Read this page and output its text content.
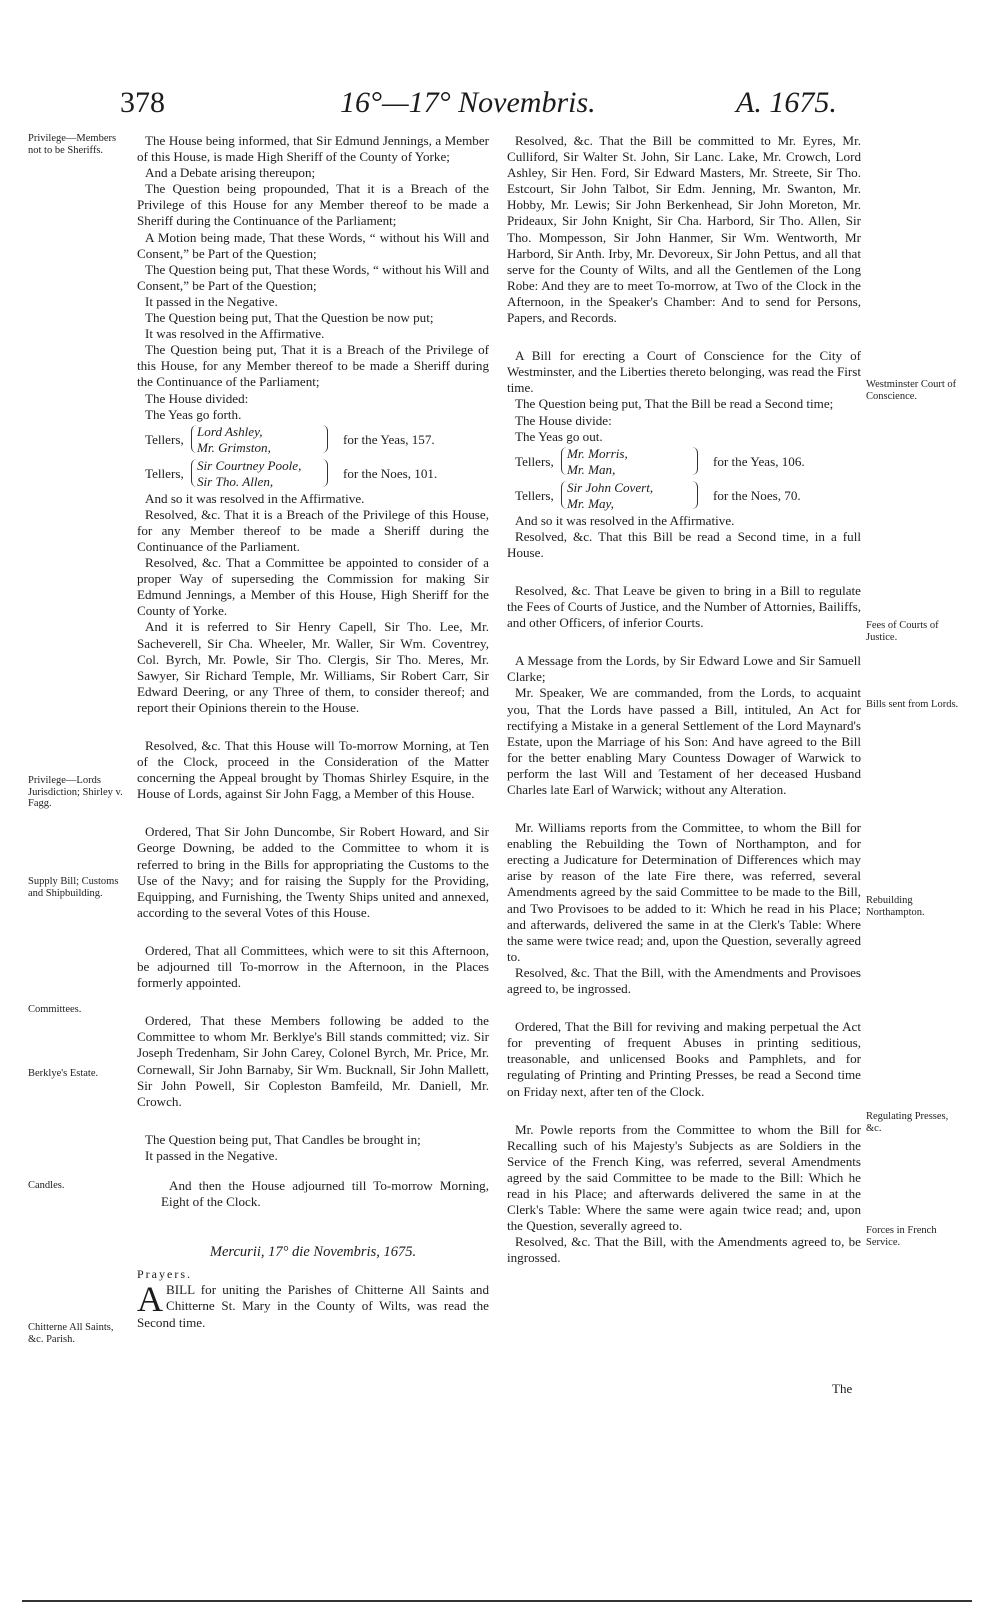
378	16°—17° Novembris.	A. 1675.
Privilege—Members not to be Sheriffs.
Privilege—Lords Jurisdiction; Shirley v. Fagg.
Supply Bill; Customs and Shipbuilding.
Committees.
Berklye's Estate.
Candles.
Chitterne All Saints, &c. Parish.
Westminster Court of Conscience.
Fees of Courts of Justice.
Bills sent from Lords.
Rebuilding Northampton.
Regulating Presses, &c.
Forces in French Service.

The House being informed, that Sir Edmund Jennings, a Member of this House, is made High Sheriff of the County of Yorke;

And a Debate arising thereupon;

The Question being propounded, That it is a Breach of the Privilege of this House for any Member thereof to be made a Sheriff during the Continuance of the Parliament;

A Motion being made, That these Words, “ without his Will and Consent,” be Part of the Question;

The Question being put, That these Words, “ without his Will and Consent,” be Part of the Question;

It passed in the Negative.

The Question being put, That the Question be now put;

It was resolved in the Affirmative.

The Question being put, That it is a Breach of the Privilege of this House, for any Member thereof to be made a Sheriff during the Continuance of the Parliament;

The House divided:

The Yeas go forth.

Tellers,
Lord Ashley,
Mr. Grimston,
for the Yeas, 157.
Tellers,
Sir Courtney Poole,
Sir Tho. Allen,
for the Noes, 101.

And so it was resolved in the Affirmative.

Resolved, &c. That it is a Breach of the Privilege of this House, for any Member thereof to be made a Sheriff during the Continuance of the Parliament.

Resolved, &c. That a Committee be appointed to consider of a proper Way of superseding the Commission for making Sir Edmund Jennings, a Member of this House, High Sheriff for the County of Yorke.

And it is referred to Sir Henry Capell, Sir Tho. Lee, Mr. Sacheverell, Sir Cha. Wheeler, Mr. Waller, Sir Wm. Coventrey, Col. Byrch, Mr. Powle, Sir Tho. Clergis, Sir Tho. Meres, Mr. Sawyer, Sir Richard Temple, Mr. Williams, Sir Robert Carr, Sir Edward Deering, or any Three of them, to consider thereof; and report their Opinions therein to the House.

Resolved, &c. That this House will To-morrow Morning, at Ten of the Clock, proceed in the Consideration of the Matter concerning the Appeal brought by Thomas Shirley Esquire, in the House of Lords, against Sir John Fagg, a Member of this House.

Ordered, That Sir John Duncombe, Sir Robert Howard, and Sir George Downing, be added to the Committee to whom it is referred to bring in the Bills for appropriating the Customs to the Use of the Navy; and for raising the Supply for the Providing, Equipping, and Furnishing, the Twenty Ships united and annexed, according to the several Votes of this House.

Ordered, That all Committees, which were to sit this Afternoon, be adjourned till To-morrow in the Afternoon, in the Places formerly appointed.

Ordered, That these Members following be added to the Committee to whom Mr. Berklye's Bill stands committed; viz. Sir Joseph Tredenham, Sir John Carey, Colonel Byrch, Mr. Price, Mr. Cornewall, Sir John Barnaby, Sir Wm. Bucknall, Sir John Mallett, Sir John Powell, Sir Copleston Bamfeild, Mr. Daniell, Mr. Crowch.

The Question being put, That Candles be brought in;

It passed in the Negative.

And then the House adjourned till To-morrow Morning, Eight of the Clock.

Mercurii, 17° die Novembris, 1675.

Prayers.

ABILL for uniting the Parishes of Chitterne All Saints and Chitterne St. Mary in the County of Wilts, was read the Second time.

Resolved, &c. That the Bill be committed to Mr. Eyres, Mr. Culliford, Sir Walter St. John, Sir Lanc. Lake, Mr. Crowch, Lord Ashley, Sir Hen. Ford, Sir Edward Masters, Mr. Streete, Sir Tho. Estcourt, Sir John Talbot, Sir Edm. Jenning, Mr. Swanton, Mr. Hobby, Mr. Lewis; Sir John Berkenhead, Sir John Moreton, Mr. Prideaux, Sir John Knight, Sir Cha. Harbord, Sir Tho. Allen, Sir Tho. Mompesson, Sir John Hanmer, Sir Wm. Wentworth, Mr Harbord, Sir Anth. Irby, Mr. Devoreux, Sir John Pettus, and all that serve for the County of Wilts, and all the Gentlemen of the Long Robe: And they are to meet To-morrow, at Two of the Clock in the Afternoon, in the Speaker's Chamber: And to send for Persons, Papers, and Records.

A Bill for erecting a Court of Conscience for the City of Westminster, and the Liberties thereto belonging, was read the First time.

The Question being put, That the Bill be read a Second time;

The House divide:

The Yeas go out.

Tellers,
Mr. Morris,
Mr. Man,
for the Yeas, 106.
Tellers,
Sir John Covert,
Mr. May,
for the Noes, 70.

And so it was resolved in the Affirmative.

Resolved, &c. That this Bill be read a Second time, in a full House.

Resolved, &c. That Leave be given to bring in a Bill to regulate the Fees of Courts of Justice, and the Number of Attornies, Bailiffs, and other Officers, of inferior Courts.

A Message from the Lords, by Sir Edward Lowe and Sir Samuell Clarke;

Mr. Speaker, We are commanded, from the Lords, to acquaint you, That the Lords have passed a Bill, intituled, An Act for rectifying a Mistake in a general Settlement of the Lord Maynard's Estate, upon the Marriage of his Son: And have agreed to the Bill for the better enabling Mary Countess Dowager of Warwick to perform the last Will and Testament of her deceased Husband Charles late Earl of Warwick; without any Alteration.

Mr. Williams reports from the Committee, to whom the Bill for enabling the Rebuilding the Town of Northampton, and for erecting a Judicature for Determination of Differences which may arise by reason of the late Fire there, was referred, several Amendments agreed by the said Committee to be made to the Bill, and Two Provisoes to be added to it: Which he read in his Place; and afterwards, delivered the same in at the Clerk's Table: Where the same were twice read; and, upon the Question, severally agreed to.

Resolved, &c. That the Bill, with the Amendments and Provisoes agreed to, be ingrossed.

Ordered, That the Bill for reviving and making perpetual the Act for preventing of frequent Abuses in printing seditious, treasonable, and unlicensed Books and Pamphlets, and for regulating of Printing and Printing Presses, be read a Second time on Friday next, after ten of the Clock.

Mr. Powle reports from the Committee to whom the Bill for Recalling such of his Majesty's Subjects as are Soldiers in the Service of the French King, was referred, several Amendments agreed by the said Committee to be made to the Bill: Which he read in his Place; and afterwards delivered the same in at the Clerk's Table: Where the same were again twice read; and, upon the Question, severally agreed to.

Resolved, &c. That the Bill, with the Amendments agreed to, be ingrossed.

The
